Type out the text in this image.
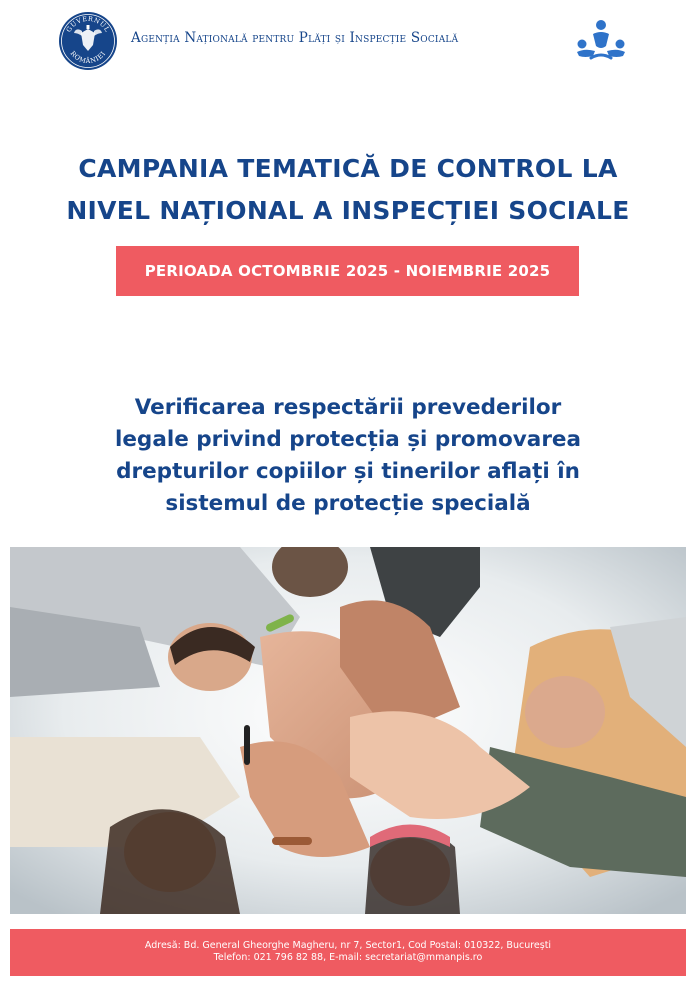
GUVERNUL
ROMÂNIEI
Agenția Națională pentru Plăți și Inspecție Socială
CAMPANIA TEMATICĂ DE CONTROL LA
NIVEL NAȚIONAL A INSPECȚIEI SOCIALE
PERIOADA OCTOMBRIE 2025 - NOIEMBRIE 2025
Verificarea respectării prevederilor
legale privind protecția și promovarea
drepturilor copiilor și tinerilor aflați în
sistemul de protecție specială
Adresă: Bd. General Gheorghe Magheru, nr 7, Sector1, Cod Postal: 010322, București
Telefon: 021 796 82 88, E-mail: secretariat@mmanpis.ro
